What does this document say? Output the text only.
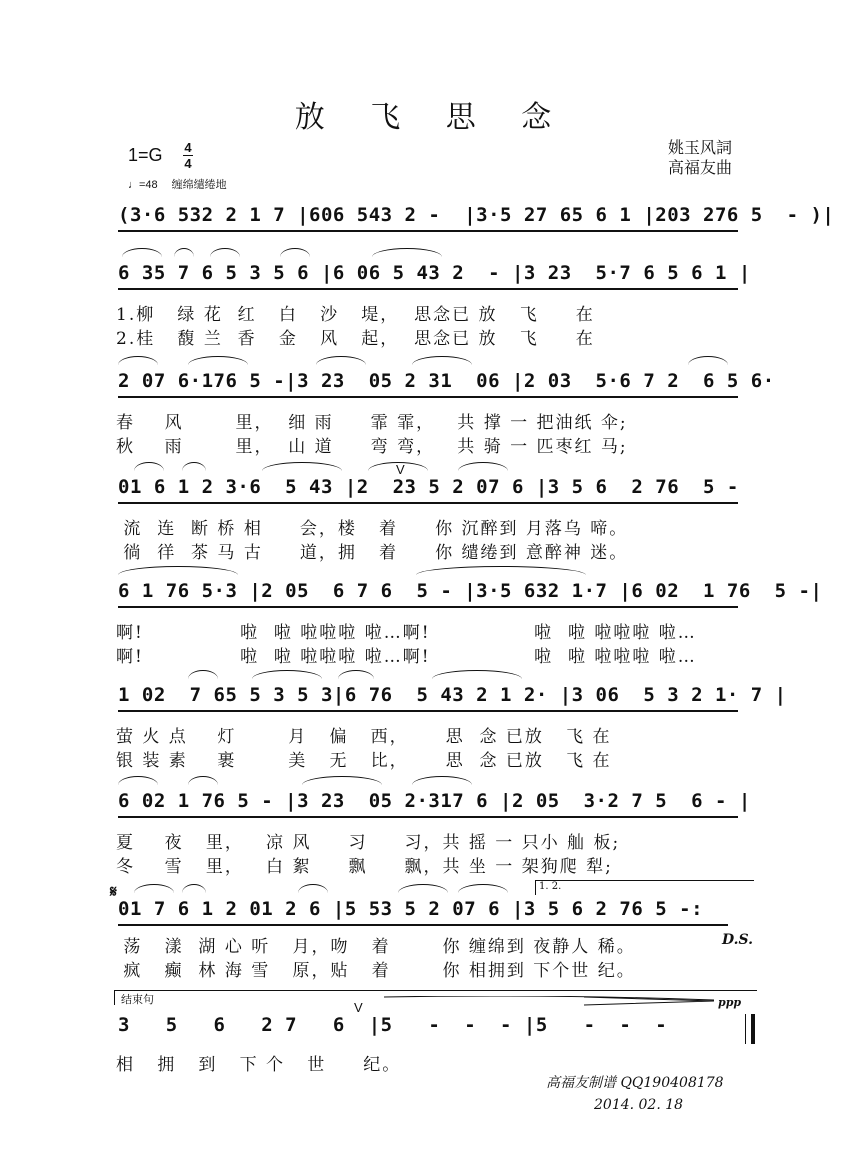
放 飞 思 念
姚玉风詞
高福友曲
1=G 4
4
♩=48 缠绵缱绻地
(3·6 532 2 1 7 |606 543 2 -  |3·5 27 65 6 1 |203 276 5  - )|
6 35 7 6 5 3 5 6 |6 06 5 43 2  - |3 23  5·7 6 5 6 1 |
1.柳   绿 花  红   白   沙   堤，  思念已 放   飞     在
2.桂   馥 兰  香   金   风   起，  思念已 放   飞     在
2 07 6·176 5 -|3 23  05 2 31  06 |2 03  5·6 7 2  6 5 6·
春    风       里，  细 雨     霏 霏，   共 撑 一 把油纸 伞;
秋    雨       里，  山 道     弯 弯，   共 骑 一 匹枣红 马;
V
01 6 1 2 3·6  5 43 |2  23 5 2 07 6 |3 5 6  2 76  5 -
流  连  断 桥 相     会，楼   着     你 沉醉到 月落乌 啼。
徜  徉  茶 马 古     道，拥   着     你 缱绻到 意醉神 迷。
6 1 76 5·3 |2 05  6 7 6  5 - |3·5 632 1·7 |6 02  1 76  5 -|
啊!             啦  啦 啦啦啦 啦…啊!              啦  啦 啦啦啦 啦…
啊!             啦  啦 啦啦啦 啦…啊!              啦  啦 啦啦啦 啦…
1 02  7 65 5 3 5 3|6 76  5 43 2 1 2· |3 06  5 3 2 1· 7 |
萤 火 点    灯       月   偏   西，     思  念 已放   飞 在
银 装 素    裹       美   无   比，     思  念 已放   飞 在
6 02 1 76 5 - |3 23  05 2·317 6 |2 05  3·2 7 5  6 - |
夏    夜   里，   凉 风     习     习，共 摇 一 只小 舢 板;
冬    雪   里，   白 絮     飘     飘，共 坐 一 架狗爬 犁;
𝄋	1. 2.
01 7 6 1 2 01 2 6 |5 53 5 2 07 6 |3 5 6 2 76 5 -:
荡   漾  湖 心 听   月，吻   着       你 缠绵到 夜静人 稀。
疯   癫  林 海 雪   原，贴   着       你 相拥到 下个世 纪。
D.S.
结束句	ppp
V
3   5   6   2 7   6  |5   -  -  - |5   -  -  -
相   拥   到   下 个   世     纪。
高福友制谱 QQ190408178
2014. 02. 18
